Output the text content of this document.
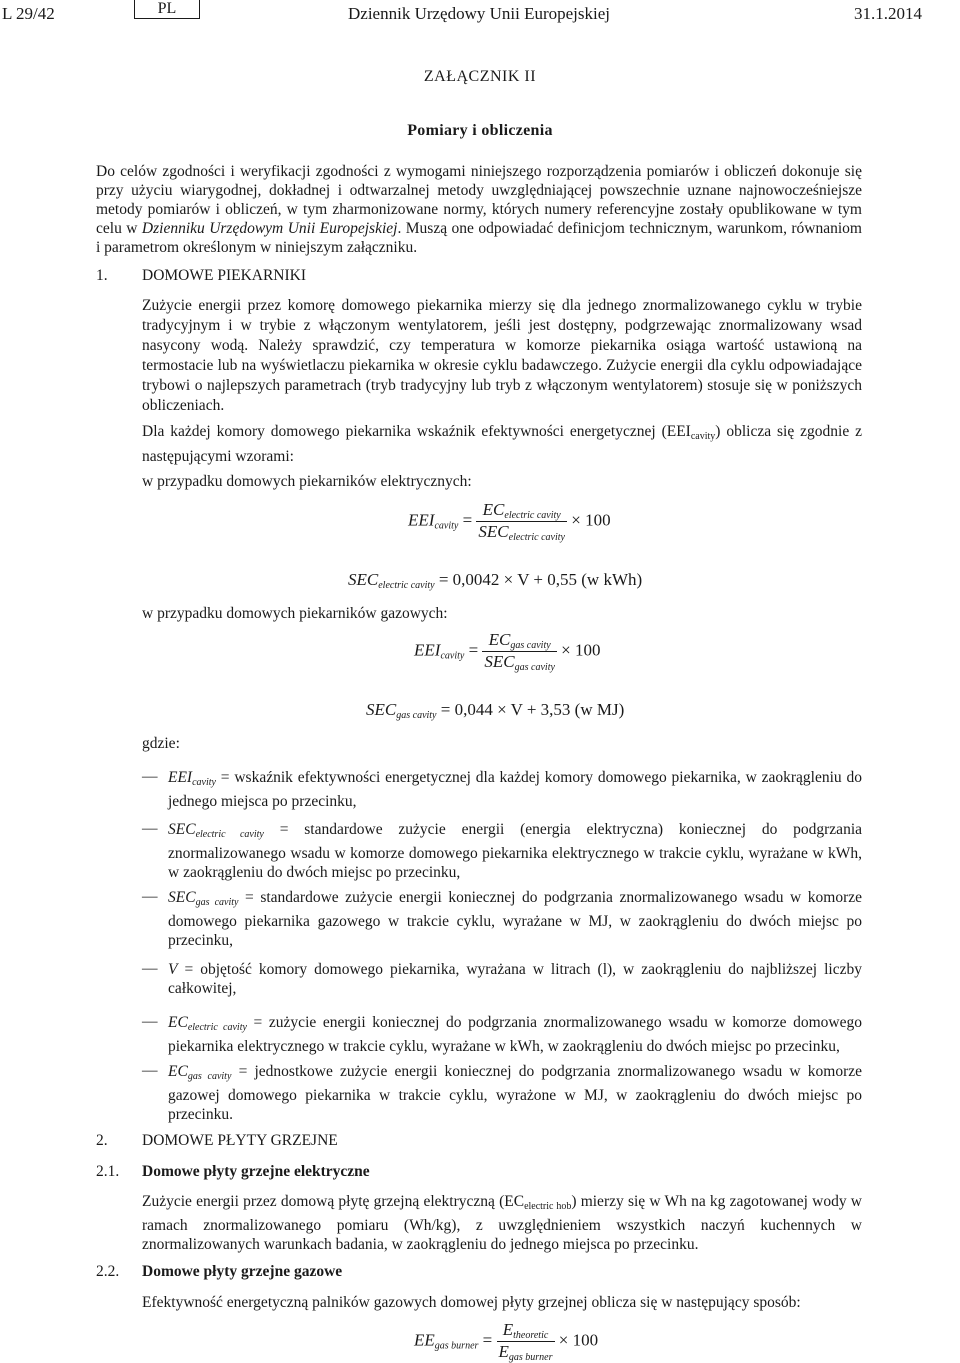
L 29/42	PL	Dziennik Urzędowy Unii Europejskiej	31.1.2014
ZAŁĄCZNIK II
Pomiary i obliczenia

Do celów zgodności i weryfikacji zgodności z wymogami niniejszego rozporządzenia pomiarów i obliczeń dokonuje się przy użyciu wiarygodnej, dokładnej i odtwarzalnej metody uwzględniającej powszechnie uznane najnowocześniejsze metody pomiarów i obliczeń, w tym zharmonizowane normy, których numery referencyjne zostały opublikowane w tym celu w Dzienniku Urzędowym Unii Europejskiej. Muszą one odpowiadać definicjom technicznym, warunkom, równaniom i parametrom określonym w niniejszym załączniku.

1. DOMOWE PIEKARNIKI
Zużycie energii przez komorę domowego piekarnika mierzy się dla jednego znormalizowanego cyklu w trybie tradycyjnym i w trybie z włączonym wentylatorem, jeśli jest dostępny, podgrzewając znormalizowany wsad nasycony wodą. Należy sprawdzić, czy temperatura w komorze piekarnika osiąga wartość ustawioną na termostacie lub na wyświetlaczu piekarnika w okresie cyklu badawczego. Zużycie energii dla cyklu odpowiadające trybowi o najlepszych parametrach (tryb tradycyjny lub tryb z włączonym wentylatorem) stosuje się w poniższych obliczeniach.
Dla każdej komory domowego piekarnika wskaźnik efektywności energetycznej $(EEI_{cavity})$ oblicza się zgodnie z następującymi wzorami:
w przypadku domowych piekarników elektrycznych:
$EEI_{cavity} = \frac{EC_{electric cavity}}{SEC_{electric cavity}} \times 100$
$SEC_{electric cavity} = 0,0042 \times V + 0,55$ (w kWh)
w przypadku domowych piekarników gazowych:
$EEI_{cavity} = \frac{EC_{gas cavity}}{SEC_{gas cavity}} \times 100$
$SEC_{gas cavity} = 0,044 \times V + 3,53$ (w MJ)
gdzie:
— $EEI_{cavity}$ = wskaźnik efektywności energetycznej dla każdej komory domowego piekarnika, w zaokrągleniu do jednego miejsca po przecinku,
— $SEC_{electric cavity}$ = standardowe zużycie energii (energia elektryczna) koniecznej do podgrzania znormalizowanego wsadu w komorze domowego piekarnika elektrycznego w trakcie cyklu, wyrażane w kWh, w zaokrągleniu do dwóch miejsc po przecinku,
— $SEC_{gas cavity}$ = standardowe zużycie energii koniecznej do podgrzania znormalizowanego wsadu w komorze domowego piekarnika gazowego w trakcie cyklu, wyrażane w MJ, w zaokrągleniu do dwóch miejsc po przecinku,
— V = objętość komory domowego piekarnika, wyrażana w litrach (l), w zaokrągleniu do najbliższej liczby całkowitej,
— $EC_{electric cavity}$ = zużycie energii koniecznej do podgrzania znormalizowanego wsadu w komorze domowego piekarnika elektrycznego w trakcie cyklu, wyrażane w kWh, w zaokrągleniu do dwóch miejsc po przecinku,
— $EC_{gas cavity}$ = jednostkowe zużycie energii koniecznej do podgrzania znormalizowanego wsadu w komorze gazowej domowego piekarnika w trakcie cyklu, wyrażone w MJ, w zaokrągleniu do dwóch miejsc po przecinku.
2. DOMOWE PŁYTY GRZEJNE
2.1. Domowe płyty grzejne elektryczne
Zużycie energii przez domową płytę grzejną elektryczną $(EC_{electric hob})$ mierzy się w Wh na kg zagotowanej wody w ramach znormalizowanego pomiaru (Wh/kg), z uwzględnieniem wszystkich naczyń kuchennych w znormalizowanych warunkach badania, w zaokrągleniu do jednego miejsca po przecinku.
2.2. Domowe płyty grzejne gazowe
Efektywność energetyczną palników gazowych domowej płyty grzejnej oblicza się w następujący sposób:
$EE_{gas burner} = \frac{E_{theoretic}}{E_{gas burner}} \times 100$
